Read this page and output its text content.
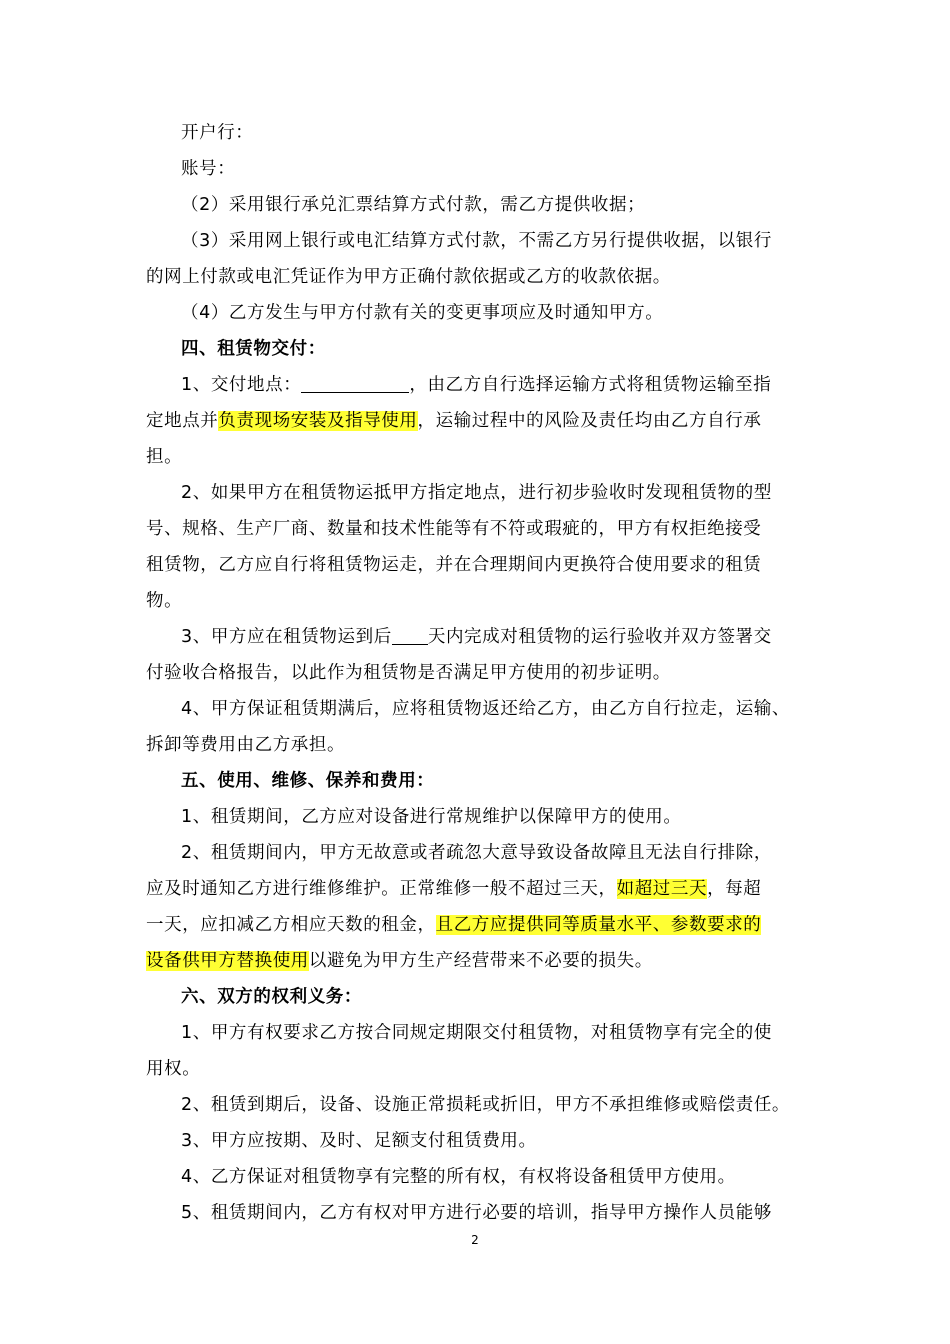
开户行：
账号：
（2）采用银行承兑汇票结算方式付款，需乙方提供收据；
（3）采用网上银行或电汇结算方式付款，不需乙方另行提供收据，以银行
的网上付款或电汇凭证作为甲方正确付款依据或乙方的收款依据。
（4）乙方发生与甲方付款有关的变更事项应及时通知甲方。
四、租赁物交付：
1、交付地点：	，由乙方自行选择运输方式将租赁物运输至指
定地点并负责现场安装及指导使用，运输过程中的风险及责任均由乙方自行承
担。
2、如果甲方在租赁物运抵甲方指定地点，进行初步验收时发现租赁物的型
号、规格、生产厂商、数量和技术性能等有不符或瑕疵的，甲方有权拒绝接受
租赁物，乙方应自行将租赁物运走，并在合理期间内更换符合使用要求的租赁
物。
3、甲方应在租赁物运到后 天内完成对租赁物的运行验收并双方签署交
付验收合格报告，以此作为租赁物是否满足甲方使用的初步证明。
4、甲方保证租赁期满后，应将租赁物返还给乙方，由乙方自行拉走，运输、
拆卸等费用由乙方承担。
五、使用、维修、保养和费用：
1、租赁期间，乙方应对设备进行常规维护以保障甲方的使用。
2、租赁期间内，甲方无故意或者疏忽大意导致设备故障且无法自行排除，
应及时通知乙方进行维修维护。正常维修一般不超过三天，如超过三天，每超
一天，应扣减乙方相应天数的租金，且乙方应提供同等质量水平、参数要求的
设备供甲方替换使用以避免为甲方生产经营带来不必要的损失。
六、双方的权利义务：
1、甲方有权要求乙方按合同规定期限交付租赁物，对租赁物享有完全的使
用权。
2、租赁到期后，设备、设施正常损耗或折旧，甲方不承担维修或赔偿责任。
3、甲方应按期、及时、足额支付租赁费用。
4、乙方保证对租赁物享有完整的所有权，有权将设备租赁甲方使用。
5、租赁期间内，乙方有权对甲方进行必要的培训，指导甲方操作人员能够
2
